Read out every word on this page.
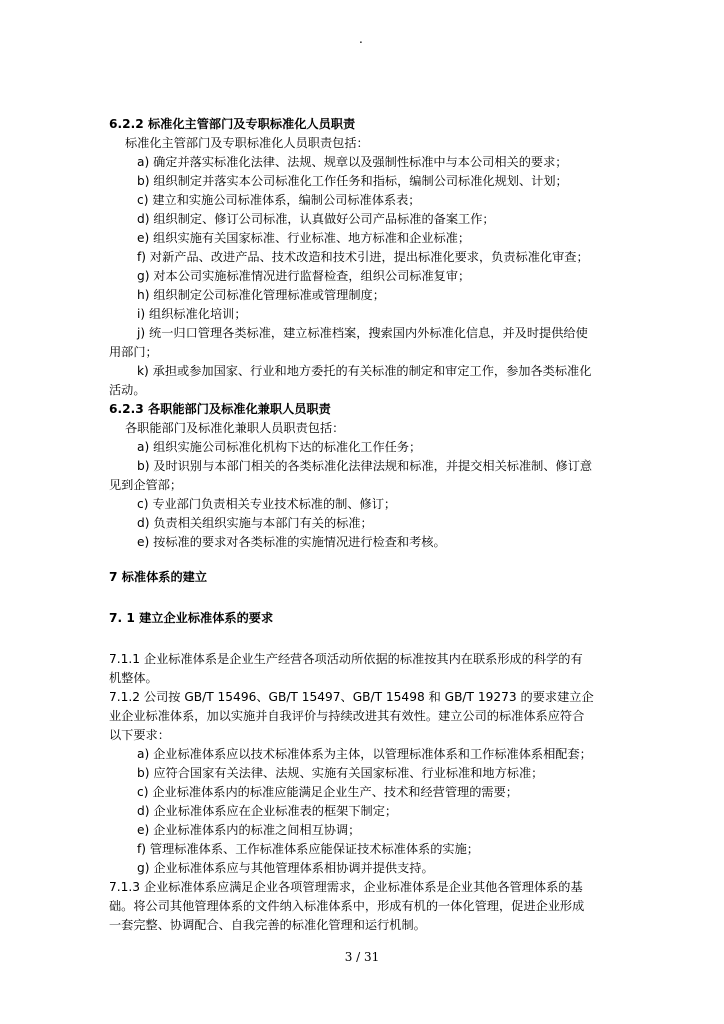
.
6.2.2 标准化主管部门及专职标准化人员职责
标准化主管部门及专职标准化人员职责包括：
a) 确定并落实标准化法律、法规、规章以及强制性标准中与本公司相关的要求；
b) 组织制定并落实本公司标准化工作任务和指标，编制公司标准化规划、计划；
c) 建立和实施公司标准体系，编制公司标准体系表；
d) 组织制定、修订公司标准，认真做好公司产品标准的备案工作；
e) 组织实施有关国家标准、行业标准、地方标准和企业标准；
f) 对新产品、改进产品、技术改造和技术引进，提出标准化要求，负责标准化审查；
g) 对本公司实施标准情况进行监督检查，组织公司标准复审；
h) 组织制定公司标准化管理标准或管理制度；
i) 组织标准化培训；
j) 统一归口管理各类标准，建立标准档案，搜索国内外标准化信息，并及时提供给使
用部门；
k) 承担或参加国家、行业和地方委托的有关标准的制定和审定工作，参加各类标准化
活动。
6.2.3 各职能部门及标准化兼职人员职责
各职能部门及标准化兼职人员职责包括：
a) 组织实施公司标准化机构下达的标准化工作任务；
b) 及时识别与本部门相关的各类标准化法律法规和标准，并提交相关标准制、修订意
见到企管部；
c) 专业部门负责相关专业技术标准的制、修订；
d) 负责相关组织实施与本部门有关的标准；
e) 按标准的要求对各类标准的实施情况进行检查和考核。
7 标准体系的建立
7. 1 建立企业标准体系的要求
7.1.1 企业标准体系是企业生产经营各项活动所依据的标准按其内在联系形成的科学的有
机整体。
7.1.2 公司按 GB/T 15496、GB/T 15497、GB/T 15498 和 GB/T 19273 的要求建立企
业企业标准体系，加以实施并自我评价与持续改进其有效性。建立公司的标准体系应符合
以下要求：
a) 企业标准体系应以技术标准体系为主体，以管理标准体系和工作标准体系相配套；
b) 应符合国家有关法律、法规、实施有关国家标准、行业标准和地方标准；
c) 企业标准体系内的标准应能满足企业生产、技术和经营管理的需要；
d) 企业标准体系应在企业标准表的框架下制定；
e) 企业标准体系内的标准之间相互协调；
f) 管理标准体系、工作标准体系应能保证技术标准体系的实施；
g) 企业标准体系应与其他管理体系相协调并提供支持。
7.1.3 企业标准体系应满足企业各项管理需求，企业标准体系是企业其他各管理体系的基
础。将公司其他管理体系的文件纳入标准体系中，形成有机的一体化管理，促进企业形成
一套完整、协调配合、自我完善的标准化管理和运行机制。
3 / 31
